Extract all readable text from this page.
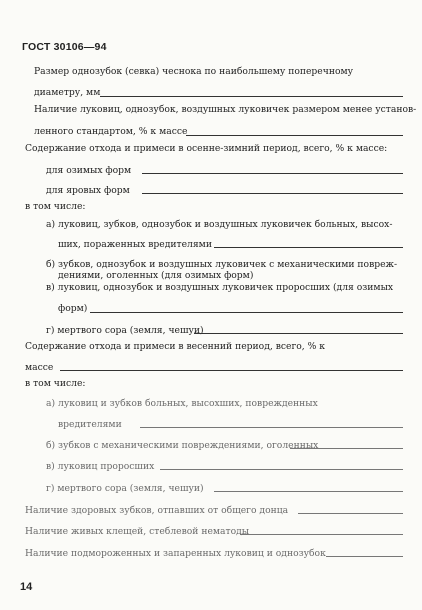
ГОСТ 30106—94
Размер однозубок (севка) чеснока по наибольшему поперечному
диаметру, мм
Наличие луковиц, однозубок, воздушных луковичек размером менее установ-
ленного стандартом, % к массе
Содержание отхода и примеси в осенне-зимний период, всего, % к массе:
для озимых форм
для яровых форм
в том числе:
а) луковиц, зубков, однозубок и воздушных луковичек больных, высох-
ших, пораженных вредителями
б) зубков, однозубок и воздушных луковичек с механическими повреж-
дениями, оголенных (для озимых форм)
в) луковиц, однозубок и воздушных луковичек проросших (для озимых
форм)
г) мертвого сора (земля, чешуи)
Содержание отхода и примеси в весенний период, всего, % к
массе
в том числе:
а) луковиц и зубков больных, высохших, поврежденных
вредителями
б) зубков с механическими повреждениями, оголенных
в) луковиц проросших
г) мертвого сора (земля, чешуи)
Наличие здоровых зубков, отпавших от общего донца
Наличие живых клещей, стеблевой нематоды
Наличие подмороженных и запаренных луковиц и однозубок
14
